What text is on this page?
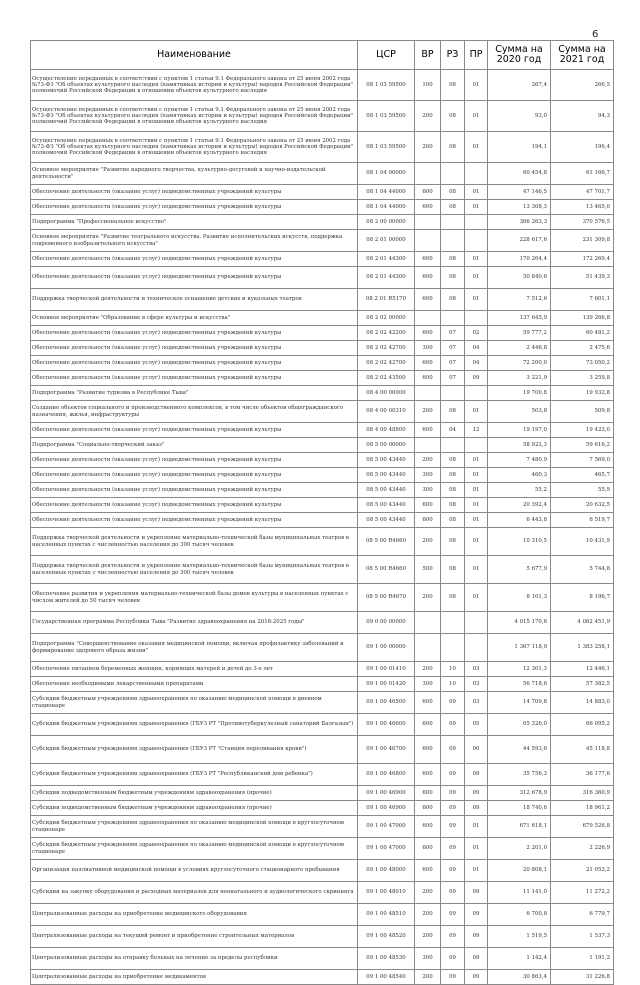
6
Наименование	ЦСР	ВР	РЗ	ПР	Сумма на 2020 год	Сумма на 2021 год
Осуществление переданных в соответствии с пунктом 1 статьи 9.1 Федерального закона от 25 июня 2002 года №73-ФЗ "Об объектах культурного наследия (памятниках истории и культуры) народов Российской Федерации" полномочий Российской Федерации в отношении объектов культурного наследия	08 1 03 59500	100	08	01	267,4	266,5
Осуществление переданных в соответствии с пунктом 1 статьи 9.1 Федерального закона от 25 июня 2002 года №73-ФЗ "Об объектах культурного наследия (памятниках истории и культуры) народов Российской Федерации" полномочий Российской Федерации в отношении объектов культурного наследия	08 1 03 59500	200	08	01	93,0	94,3
Осуществление переданных в соответствии с пунктом 1 статьи 9.1 Федерального закона от 25 июня 2002 года №73-ФЗ "Об объектах культурного наследия (памятниках истории и культуры) народов Российской Федерации" полномочий Российской Федерации в отношении объектов культурного наследия	08 1 03 59500	200	08	01	194,1	196,4
Основное мероприятие "Развитие народного творчества, культурно-досуговой и научно-издательской деятельности"	08 1 04 00000				60 454,8	61 166,7
Обеспечение деятельности (оказание услуг) подведомственных учреждений культуры	08 1 04 44000	600	08	01	47 146,5	47 701,7
Обеспечение деятельности (оказание услуг) подведомственных учреждений культуры	08 1 04 44000	600	08	01	13 308,3	13 465,0
Подпрограмма "Профессиональное искусство"	08 2 00 00000				366 263,3	370 576,5
Основное мероприятие "Развитие театрального искусства. Развитие исполнительских искусств, поддержка современного изобразительного искусства"	08 2 01 00000				228 617,6	231 309,8
Обеспечение деятельности (оказание услуг) подведомственных учреждений культуры	08 2 01 44300	600	08	01	170 264,4	172 269,4
Обеспечение деятельности (оказание услуг) подведомственных учреждений культуры	08 2 01 44300	600	08	01	50 840,6	51 439,3
Поддержка творческой деятельности и техническое оснащение детских и кукольных театров	08 2 01 R5170	600	08	01	7 512,6	7 601,1
Основное мероприятие "Образование в сфере культуры и искусства"	08 2 02 00000				137 645,9	139 266,8
Обеспечение деятельности (оказание услуг) подведомственных учреждений культуры	08 2 02 42200	600	07	02	59 777,2	60 481,2
Обеспечение деятельности (оказание услуг) подведомственных учреждений культуры	08 2 02 42700	300	07	04	2 446,8	2 475,6
Обеспечение деятельности (оказание услуг) подведомственных учреждений культуры	08 2 02 42700	600	07	04	72 200,0	73 050,2
Обеспечение деятельности (оказание услуг) подведомственных учреждений культуры	08 2 02 43500	600	07	09	3 221,9	3 259,8
Подпрограмма "Развитие туризма в Республике Тыва"	08 4 00 00000				19 700,8	19 932,8
Создание объектов социального и производственного комплексов, в том числе объектов общегражданского назначения, жилья, инфраструктуры	08 4 00 00310	200	08	01	503,8	509,8
Обеспечение деятельности (оказание услуг) подведомственных учреждений культуры	08 4 00 48800	600	04	12	19 197,0	19 423,0
Подпрограмма "Социально-творческий заказ"	08 5 00 00000				58 922,3	59 616,2
Обеспечение деятельности (оказание услуг) подведомственных учреждений культуры	08 5 00 43440	200	08	01	7 480,9	7 569,0
Обеспечение деятельности (оказание услуг) подведомственных учреждений культуры	08 5 00 43440	300	08	01	460,3	465,7
Обеспечение деятельности (оказание услуг) подведомственных учреждений культуры	08 5 00 43440	300	08	01	55,2	55,9
Обеспечение деятельности (оказание услуг) подведомственных учреждений культуры	08 5 00 43440	600	08	01	20 392,4	20 632,5
Обеспечение деятельности (оказание услуг) подведомственных учреждений культуры	08 5 00 43440	600	08	01	6 443,8	6 519,7
Поддержка творческой деятельности и укрепление материально-технической базы муниципальных театров в населенных пунктах с численностью населения до 300 тысяч человек	08 5 00 R4660	200	08	01	10 310,5	10 431,9
Поддержка творческой деятельности и укрепление материально-технической базы муниципальных театров в населенных пунктах с численностью населения до 300 тысяч человек	08 5 00 R4660	500	08	01	5 677,9	5 744,8
Обеспечение развития и укрепления материально-технической базы домов культуры в населенных пунктах с числом жителей до 50 тысяч человек	08 5 00 R4670	200	08	01	8 101,3	8 196,7
Государственная программа Республики Тыва "Развитие здравоохранения на 2018-2025 годы"	09 0 00 00000				4 015 170,6	4 062 451,9
Подпрограмма "Совершенствование оказания медицинской помощи, включая профилактику заболеваний и формирование здорового образа жизни"	09 1 00 00000				1 367 118,9	1 383 258,1
Обеспечение питанием беременных женщин, кормящих матерей и детей до 3-х лет	09 1 00 01410	200	10	03	12 301,3	12 446,1
Обеспечение необходимыми лекарственными препаратами	09 1 00 01420	300	10	03	56 718,6	57 382,5
Субсидии бюджетным учреждениям здравоохранения по оказанию медицинской помощи в дневном стационаре	09 1 00 46500	600	09	03	14 709,8	14 883,0
Субсидии бюджетным учреждениям здравоохранения (ГБУЗ РТ "Противотуберкулезный санаторий Балгазын")	09 1 00 46600	600	09	05	65 326,0	66 095,2
Субсидии бюджетным учреждениям здравоохранения (ГБУЗ РТ "Станция переливания крови")	09 1 00 46700	600	09	06	44 593,6	45 118,8
Субсидии бюджетным учреждениям здравоохранения (ГБУЗ РТ "Республиканский дом ребенка")	09 1 00 46800	600	09	09	35 756,3	36 177,6
Субсидии подведомственным бюджетным учреждениям здравоохранения (прочие)	09 1 00 46900	600	09	09	312 678,9	316 360,9
Субсидии подведомственным бюджетным учреждениям здравоохранения (прочие)	09 1 00 46900	600	09	09	18 740,6	18 961,2
Субсидии бюджетным учреждениям здравоохранения по оказанию медицинской помощи в круглосуточном стационаре	09 1 00 47000	600	09	01	671 618,1	679 526,8
Субсидии бюджетным учреждениям здравоохранения по оказанию медицинской помощи в круглосуточном стационаре	09 1 00 47000	600	09	01	2 201,0	2 226,9
Организация паллиативной медицинской помощи в условиях круглосуточного стационарного пребывания	09 1 00 48000	600	09	01	20 808,1	21 053,2
Субсидии на закупку оборудования и расходных материалов для неонатального и аудиологического скрининга	09 1 00 48010	200	09	09	11 141,0	11 272,2
Централизованные расходы на приобретение медицинского оборудования	09 1 00 48510	200	09	09	6 700,8	6 779,7
Централизованные расходы на текущий ремонт и приобретение строительных материалов	09 1 00 48520	200	09	09	1 519,5	1 537,3
Централизованные расходы на отправку больных на лечение за пределы республики	09 1 00 48530	300	09	09	1 142,4	1 191,2
Централизованные расходы на приобретение медикаментов	09 1 00 48540	200	09	09	30 863,4	31 226,8
